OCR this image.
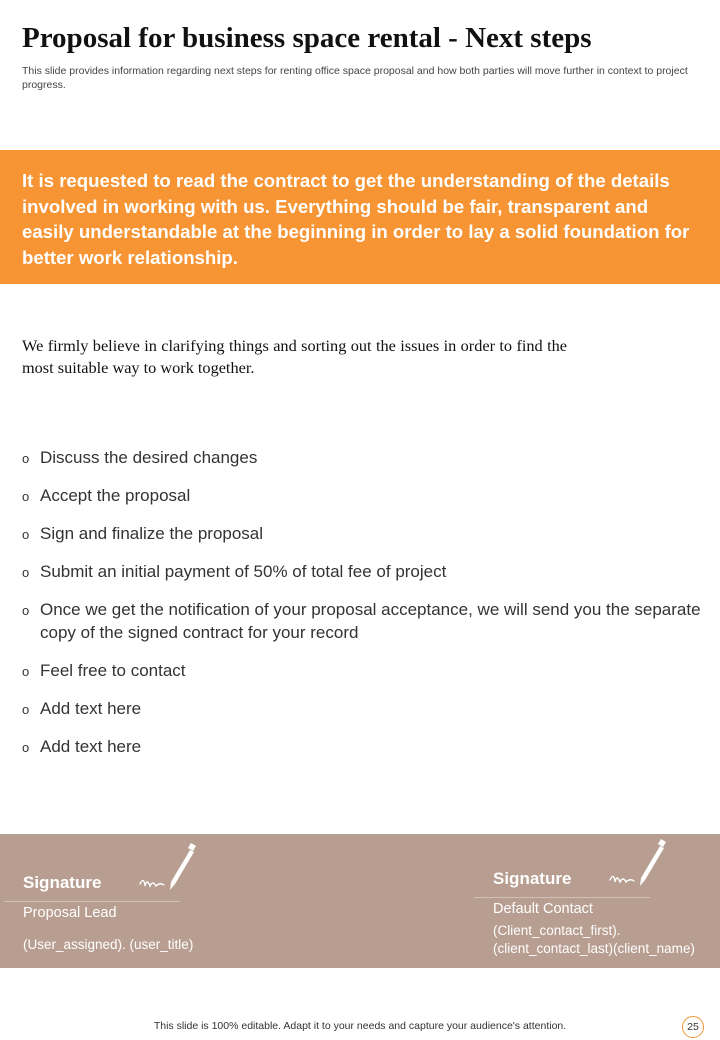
Proposal for business space rental - Next steps

This slide provides information regarding next steps for renting office space proposal and how both parties will move further in context to project progress.

It is requested to read the contract to get the understanding of the details involved in working with us. Everything should be fair, transparent and easily understandable at the beginning in order to lay a solid foundation for better work relationship.

We firmly believe in clarifying things and sorting out the issues in order to find the most suitable way to work together.

o Discuss the desired changes
o Accept the proposal
o Sign and finalize the proposal
o Submit an initial payment of 50% of total fee of project
o Once we get the notification of your proposal acceptance, we will send you the separate copy of the signed contract for your record
o Feel free to contact
o Add text here
o Add text here
Signature
Proposal Lead
(User_assigned). (user_title)
Signature
Default Contact
(Client_contact_first).
(client_contact_last)(client_name)

This slide is 100% editable. Adapt it to your needs and capture your audience's attention.	25
